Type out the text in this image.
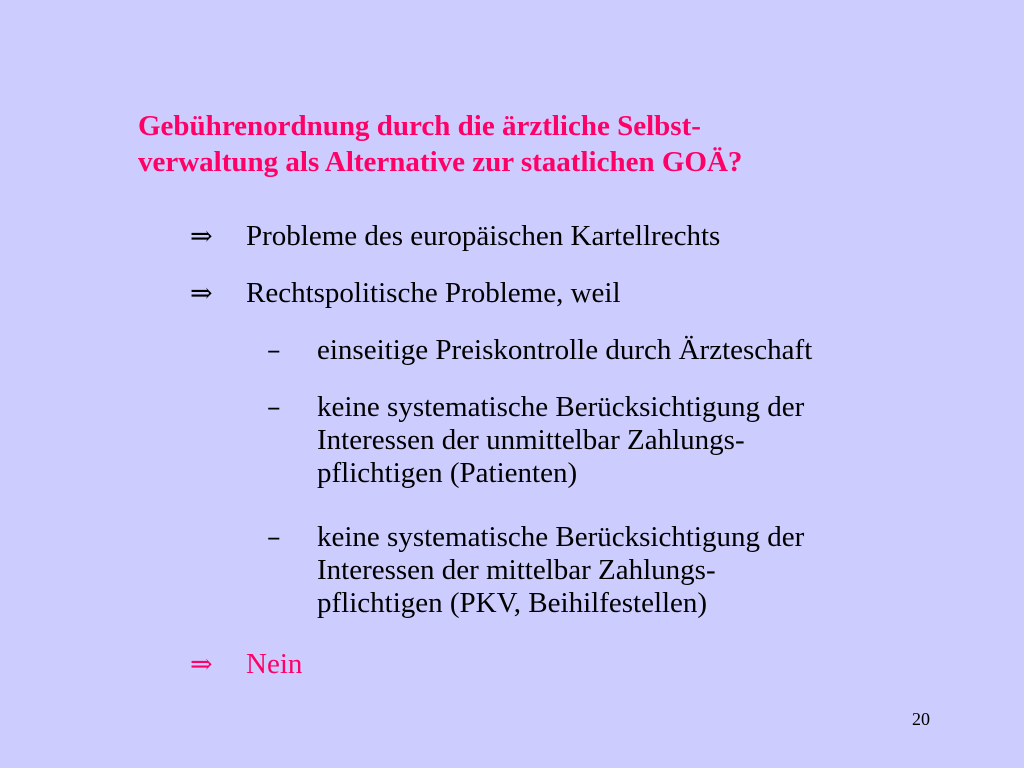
Gebührenordnung durch die ärztliche Selbst-
verwaltung als Alternative zur staatlichen GOÄ?
⇒ Probleme des europäischen Kartellrechts
⇒ Rechtspolitische Probleme, weil
– einseitige Preiskontrolle durch Ärzteschaft
– keine systematische Berücksichtigung der
Interessen der unmittelbar Zahlungs-
pflichtigen (Patienten)
– keine systematische Berücksichtigung der
Interessen der mittelbar Zahlungs-
pflichtigen (PKV, Beihilfestellen)
⇒ Nein
20
